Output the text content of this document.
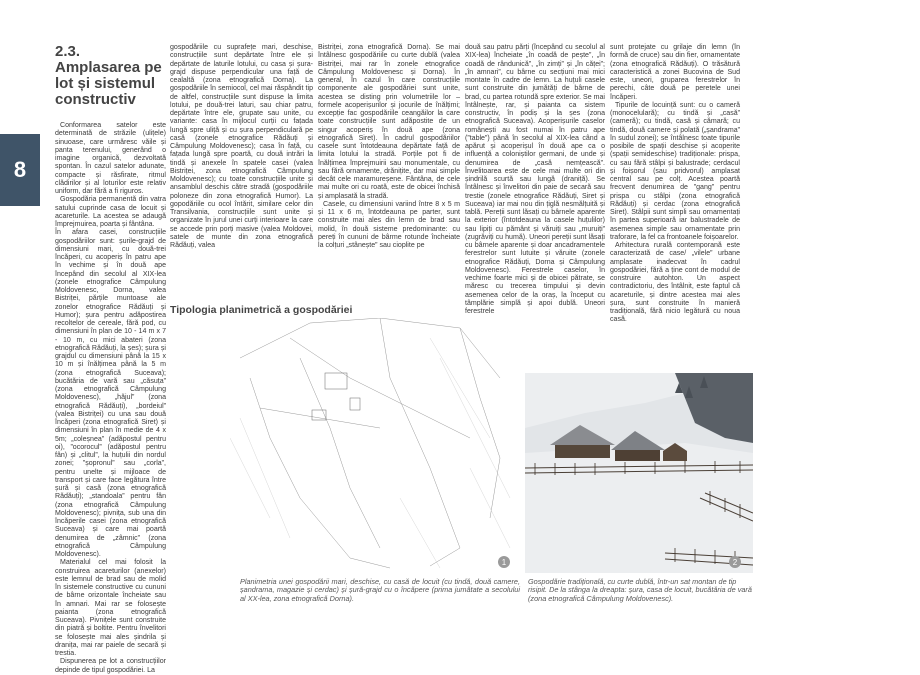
8
2.3. Amplasarea pe lot și sistemul constructiv

Conformarea satelor este determinată de străzile (ulițele) sinuoase, care urmăresc văile și panta terenului, generând o imagine organică, dezvoltată spontan. În cazul satelor adunate, compacte și răsfirate, ritmul clădirilor și al loturilor este relativ uniform, dar fără a fi riguros.

Gospodăria permanentă din vatra satului cuprinde casa de locuit și acareturile. La acestea se adaugă împrejmuirea, poarta și fântâna.

În afara casei, construcțiile gospodăriilor sunt: șurile-grajd de dimensiuni mari, cu două-trei încăperi, cu acoperiș în patru ape în vechime și în două ape începând din secolul al XIX-lea (zonele etnografice Câmpulung Moldovenesc, Dorna, valea Bistriței, părțile muntoase ale zonelor etnografice Rădăuți și Humor); șura pentru adăpostirea recoltelor de cereale, fără pod, cu dimensiuni în plan de 10 - 14 m x 7 - 10 m, cu mici abateri (zona etnografică Rădăuți, la șes); șura și grajdul cu dimensiuni până la 15 x 10 m și înălțimea până la 5 m (zona etnografică Suceava); bucătăria de vară sau „căsuța” (zona etnografică Câmpulung Moldovenesc), „hăjul” (zona etnografică Rădăuți), „bordeiul” (valea Bistriței) cu una sau două încăperi (zona etnografică Siret) și dimensiuni în plan în medie de 4 x 5m; „coleșnea” (adăpostul pentru oi), ”ocorocul” (adăpostul pentru fân) și „clitul”, la huțulii din nordul zonei; ”șopronul” sau „corla”, pentru unelte și mijloace de transport și care face legătura între șură și casă (zona etnografică Rădăuți); „standoala” pentru fân (zona etnografică Câmpulung Moldovenesc); pivnița, sub una din încăperile casei (zona etnografică Suceava) și care mai poartă denumirea de „zâmnic” (zona etnografică Câmpulung Moldovenesc).

Materialul cel mai folosit la construirea acareturilor (anexelor) este lemnul de brad sau de molid în sistemele constructive cu cununi de bârne orizontale încheiate sau în amnari. Mai rar se folosește paianta (zona etnografică Suceava). Pivnițele sunt construite din piatră și boltite. Pentru învelitori se folosește mai ales șindrila și dranița, mai rar paiele de secară și trestia.

Dispunerea pe lot a construcțiilor depinde de tipul gospodăriei. La

gospodăriile cu suprafețe mari, deschise, construcțiile sunt depărtate între ele și depărtate de laturile lotului, cu casa și șura-grajd dispuse perpendicular una față de cealaltă (zona etnografică Dorna). La gospodăriile în semiocol, cel mai răspândit tip de altfel, construcțiile sunt dispuse la limita lotului, pe două-trei laturi, sau chiar patru, depărtate între ele, grupate sau unite, cu variante: casa în mijlocul curții cu fațada lungă spre uliță și cu șura perpendiculară pe casă (zonele etnografice Rădăuți și Câmpulung Moldovenesc); casa în față, cu fațada lungă spre poartă, cu două intrări la tindă și anexele în spatele casei (valea Bistriței, zona etnografică Câmpulung Moldovenesc); cu toate construcțiile unite și ansamblul deschis către stradă (gospodăriile poloneze din zona etnografică Humor). La gopodăriile cu ocol întărit, similare celor din Transilvania, construcțiile sunt unite și organizate în jurul unei curți interioare la care se accede prin porți masive (valea Moldovei, satele de munte din zona etnografică Rădăuți, valea

Bistriței, zona etnografică Dorna). Se mai întâlnesc gospodăriile cu curte dublă (valea Bistriței, mai rar în zonele etnografice Câmpulung Moldovenesc și Dorna). În general, în cazul în care construcțiile componente ale gospodăriei sunt unite, acestea se disting prin volumetriile lor – formele acoperișurilor și jocurile de înălțimi; excepție fac gospodăriile ceangăilor la care toate construcțiile sunt adăpostite de un singur acoperiș în două ape (zona etnografică Siret). În cadrul gospodăriilor casele sunt întotdeauna depărtate față de limita lotului la stradă. Porțile pot fi de înălțimea împrejmuirii sau monumentale, cu sau fără ornamente, drănițite, dar mai simple decât cele maramureșene. Fântâna, de cele mai multe ori cu roată, este de obicei închisă și amplasată la stradă.

Casele, cu dimensiuni variind între 8 x 5 m și 11 x 6 m, întotdeauna pe parter, sunt construite mai ales din lemn de brad sau molid, în două sisteme predominante: cu pereți în cununi de bârme rotunde încheiate la colțuri „stânește” sau cioplite pe

Tipologia planimetrică a gospodăriei
1
Planimetria unei gospodării mari, deschise, cu casă de locuit (cu tindă, două camere, șandrama, magazie și cerdac) și șură-grajd cu o încăpere (prima jumătate a secolului al XX-lea, zona etnografică Dorna).

două sau patru părți (începând cu secolul al XIX-lea) încheiate „în coadă de pește”, „în coadă de rândunică”, „în zimți” și „în căței”; „în amnari”, cu bârne cu secțiuni mai mici montate în cadre de lemn. La huțuli casele sunt construite din jumătăți de bârne de brad, cu partea rotundă spre exterior. Se mai întâlnește, rar, și paianta ca sistem constructiv, în podiș și la șes (zona etnografică Suceava). Acoperișurile caselor românești au fost numai în patru ape (”table”) până în secolul al XIX-lea când a apărut și acoperișul în două ape ca o influență a coloniștilor germani, de unde și denumirea de „casă nemțească”. Învelitoarea este de cele mai multe ori din șindrilă scurtă sau lungă (draniță). Se întâlnesc și învelitori din paie de secară sau trestie (zonele etnografice Rădăuți, Siret și Suceava) iar mai nou din țiglă nesmălțuită și tablă. Pereții sunt lăsați cu bârnele aparente la exterior (întotdeauna la casele huțulilor) sau lipiți cu pământ și văruiți sau „muruiți” (zugrăviți cu humă). Uneori pereții sunt lăsați cu bârnele aparente și doar ancadramentele ferestrelor sunt lutuite și văruite (zonele etnografice Rădăuți, Dorna și Câmpulung Moldovenesc). Ferestrele caselor, în vechime foarte mici și de obicei pătrate, se măresc cu trecerea timpului și devin asemenea celor de la oraș, la început cu tâmplărie simplă și apoi dublă. Uneori ferestrele

sunt protejate cu grilaje din lemn (în formă de cruce) sau din fier, ornamentate (zona etnografică Rădăuți). O trăsătură caracteristică a zonei Bucovina de Sud este, uneori, gruparea ferestrelor în perechi, câte două pe peretele unei încăperi.

Tipurile de locuință sunt: cu o cameră (monocelulară); cu tindă și „casă” (cameră); cu tindă, casă și cămară; cu tindă, două camere și polată („șandrama” în sudul zonei); se întâlnesc toate tipurile posibile de spații deschise și acoperite (spații semideschise) tradiționale: prispa, cu sau fără stâlpi și balustrade; cerdacul și foișorul (sau pridvorul) amplasat central sau pe colț. Acestea poartă frecvent denumirea de ”gang” pentru prispa cu stâlpi (zona etnografică Rădăuți) și cerdac (zona etnografică Siret). Stâlpii sunt simpli sau ornamentați în partea superioară iar balustradele de asemenea simple sau ornamentate prin traforare, la fel ca frontoanele foișoarelor.

Arhitectura rurală contemporană este caracterizată de case/ „vilele” urbane amplasate inadecvat în cadrul gospodăriei, fără a ține cont de modul de construire autohton. Un aspect contradictoriu, des întâlnit, este faptul că acareturile, și dintre acestea mai ales șura, sunt construite în manieră tradițională, fără nicio legătură cu noua casă.

2
Gospodărie tradițională, cu curte dublă, într-un sat montan de tip risipit. De la stânga la dreapta: șura, casa de locuit, bucătăria de vară (zona etnografică Câmpulung Moldovenesc).
